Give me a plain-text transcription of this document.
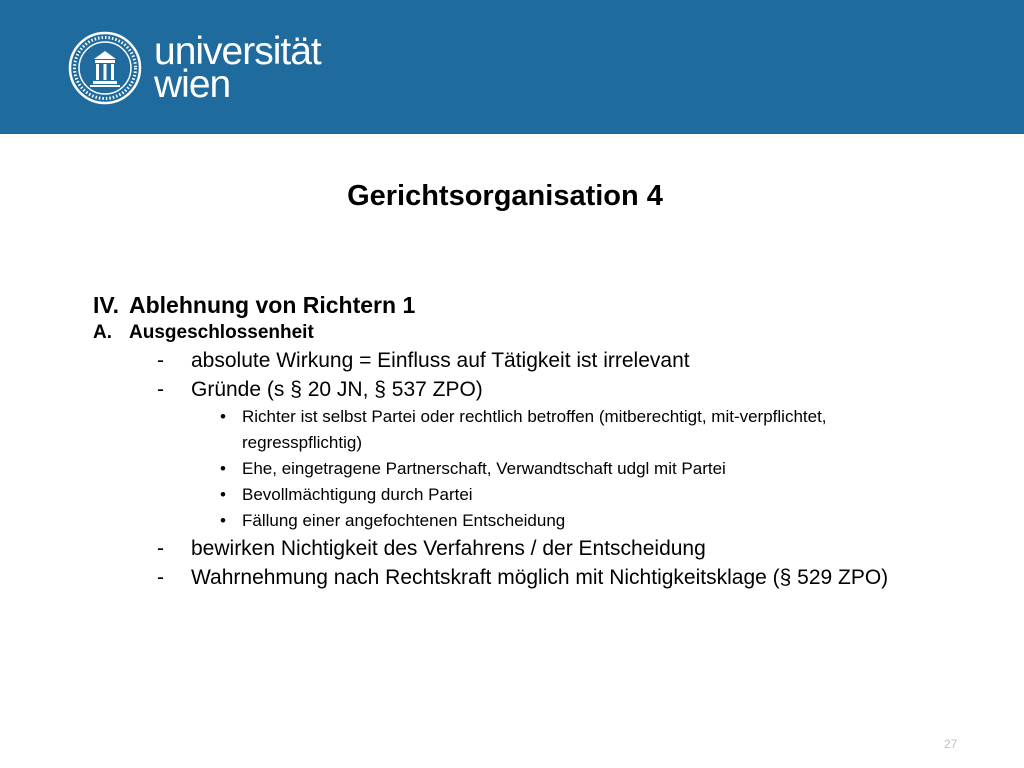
universität
wien
Gerichtsorganisation 4
IV. Ablehnung von Richtern 1
A. Ausgeschlossenheit
- absolute Wirkung = Einfluss auf Tätigkeit ist irrelevant
- Gründe (s § 20 JN, § 537 ZPO)
• Richter ist selbst Partei oder rechtlich betroffen (mitberechtigt, mit-verpflichtet, regresspflichtig)
• Ehe, eingetragene Partnerschaft, Verwandtschaft udgl mit Partei
• Bevollmächtigung durch Partei
• Fällung einer angefochtenen Entscheidung
- bewirken Nichtigkeit des Verfahrens / der Entscheidung
- Wahrnehmung nach Rechtskraft möglich mit Nichtigkeitsklage (§ 529 ZPO)
27
